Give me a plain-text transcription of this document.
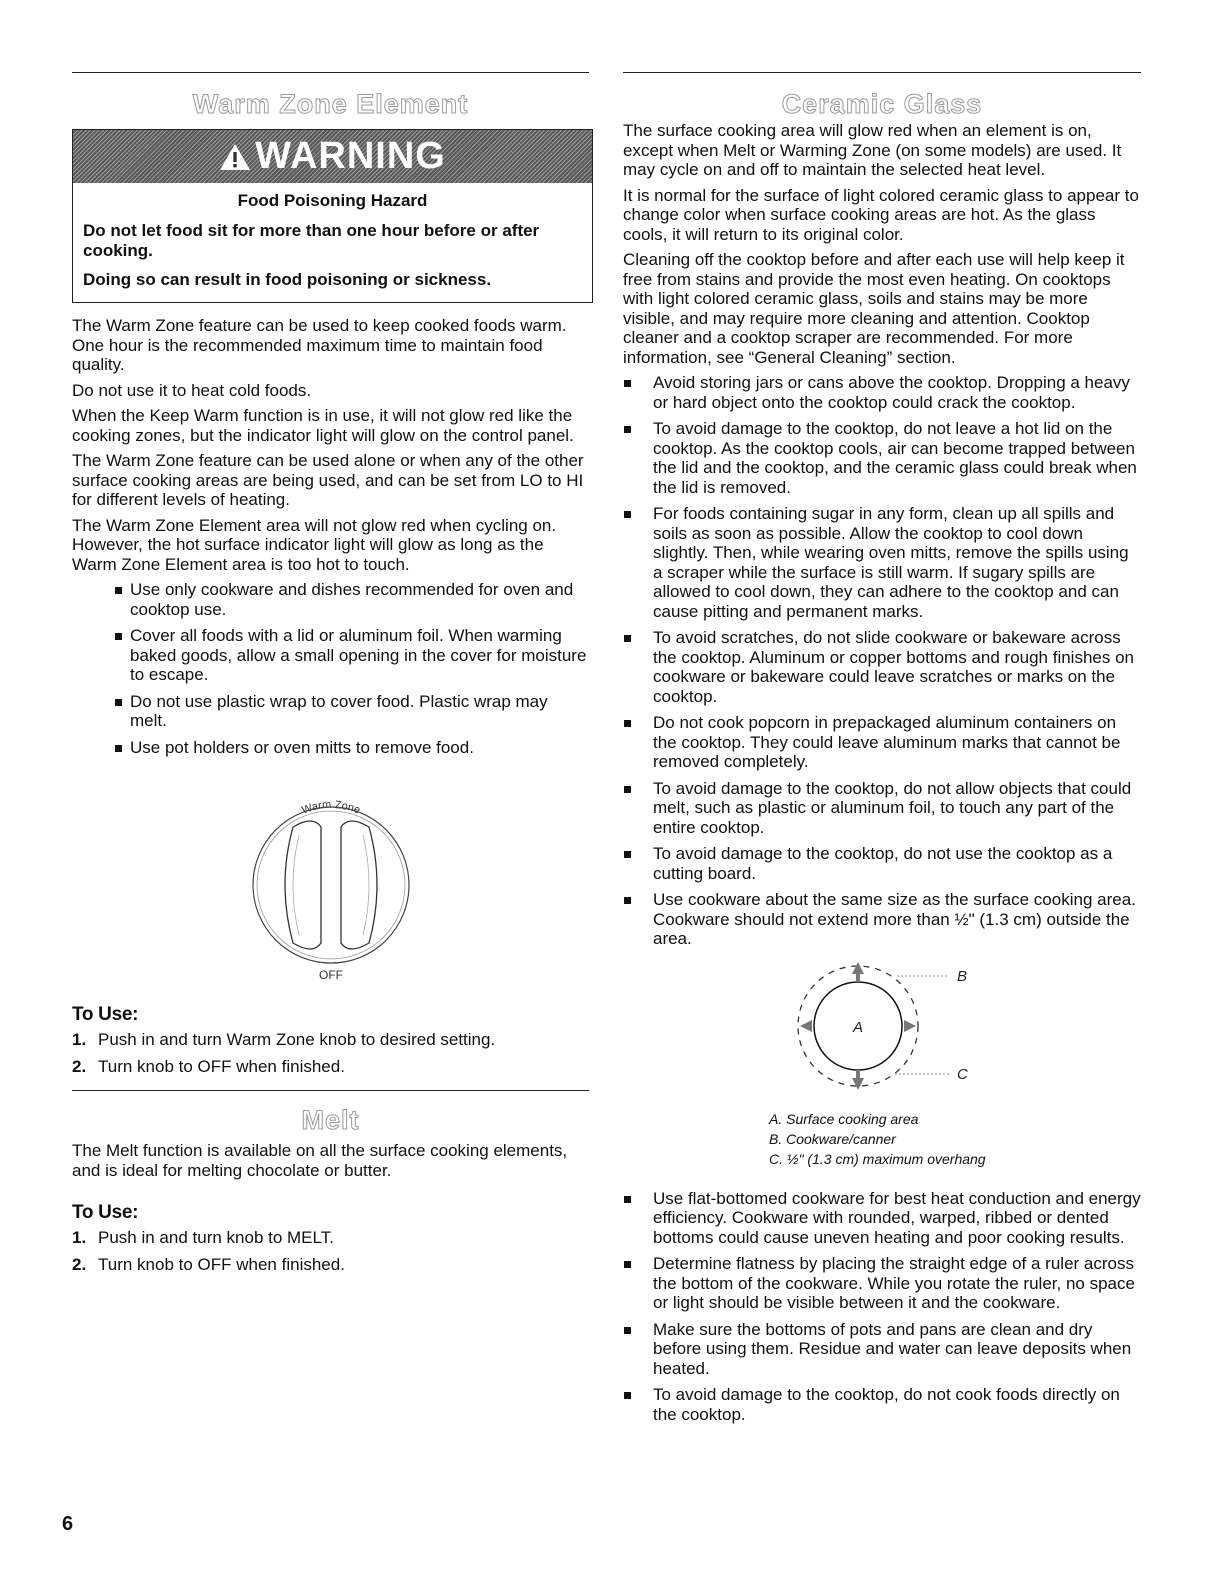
Warm Zone Element
WARNING
Food Poisoning Hazard
Do not let food sit for more than one hour before or after cooking.
Doing so can result in food poisoning or sickness.

The Warm Zone feature can be used to keep cooked foods warm. One hour is the recommended maximum time to maintain food quality.

Do not use it to heat cold foods.

When the Keep Warm function is in use, it will not glow red like the cooking zones, but the indicator light will glow on the control panel.

The Warm Zone feature can be used alone or when any of the other surface cooking areas are being used, and can be set from LO to HI for different levels of heating.

The Warm Zone Element area will not glow red when cycling on. However, the hot surface indicator light will glow as long as the Warm Zone Element area is too hot to touch.

Use only cookware and dishes recommended for oven and cooktop use.
Cover all foods with a lid or aluminum foil. When warming baked goods, allow a small opening in the cover for moisture to escape.
Do not use plastic wrap to cover food. Plastic wrap may melt.
Use pot holders or oven mitts to remove food.
Warm Zone
OFF
To Use:
1. Push in and turn Warm Zone knob to desired setting.
2. Turn knob to OFF when finished.
Melt

The Melt function is available on all the surface cooking elements, and is ideal for melting chocolate or butter.

To Use:
1. Push in and turn knob to MELT.
2. Turn knob to OFF when finished.
Ceramic Glass

The surface cooking area will glow red when an element is on, except when Melt or Warming Zone (on some models) are used. It may cycle on and off to maintain the selected heat level.

It is normal for the surface of light colored ceramic glass to appear to change color when surface cooking areas are hot. As the glass cools, it will return to its original color.

Cleaning off the cooktop before and after each use will help keep it free from stains and provide the most even heating. On cooktops with light colored ceramic glass, soils and stains may be more visible, and may require more cleaning and attention. Cooktop cleaner and a cooktop scraper are recommended. For more information, see “General Cleaning” section.

Avoid storing jars or cans above the cooktop. Dropping a heavy or hard object onto the cooktop could crack the cooktop.
To avoid damage to the cooktop, do not leave a hot lid on the cooktop. As the cooktop cools, air can become trapped between the lid and the cooktop, and the ceramic glass could break when the lid is removed.
For foods containing sugar in any form, clean up all spills and soils as soon as possible. Allow the cooktop to cool down slightly. Then, while wearing oven mitts, remove the spills using a scraper while the surface is still warm. If sugary spills are allowed to cool down, they can adhere to the cooktop and can cause pitting and permanent marks.
To avoid scratches, do not slide cookware or bakeware across the cooktop. Aluminum or copper bottoms and rough finishes on cookware or bakeware could leave scratches or marks on the cooktop.
Do not cook popcorn in prepackaged aluminum containers on the cooktop. They could leave aluminum marks that cannot be removed completely.
To avoid damage to the cooktop, do not allow objects that could melt, such as plastic or aluminum foil, to touch any part of the entire cooktop.
To avoid damage to the cooktop, do not use the cooktop as a cutting board.
Use cookware about the same size as the surface cooking area. Cookware should not extend more than ½" (1.3 cm) outside the area.
A
B
C
A. Surface cooking area
B. Cookware/canner
C. ½" (1.3 cm) maximum overhang
Use flat-bottomed cookware for best heat conduction and energy efficiency. Cookware with rounded, warped, ribbed or dented bottoms could cause uneven heating and poor cooking results.
Determine flatness by placing the straight edge of a ruler across the bottom of the cookware. While you rotate the ruler, no space or light should be visible between it and the cookware.
Make sure the bottoms of pots and pans are clean and dry before using them. Residue and water can leave deposits when heated.
To avoid damage to the cooktop, do not cook foods directly on the cooktop.
6
